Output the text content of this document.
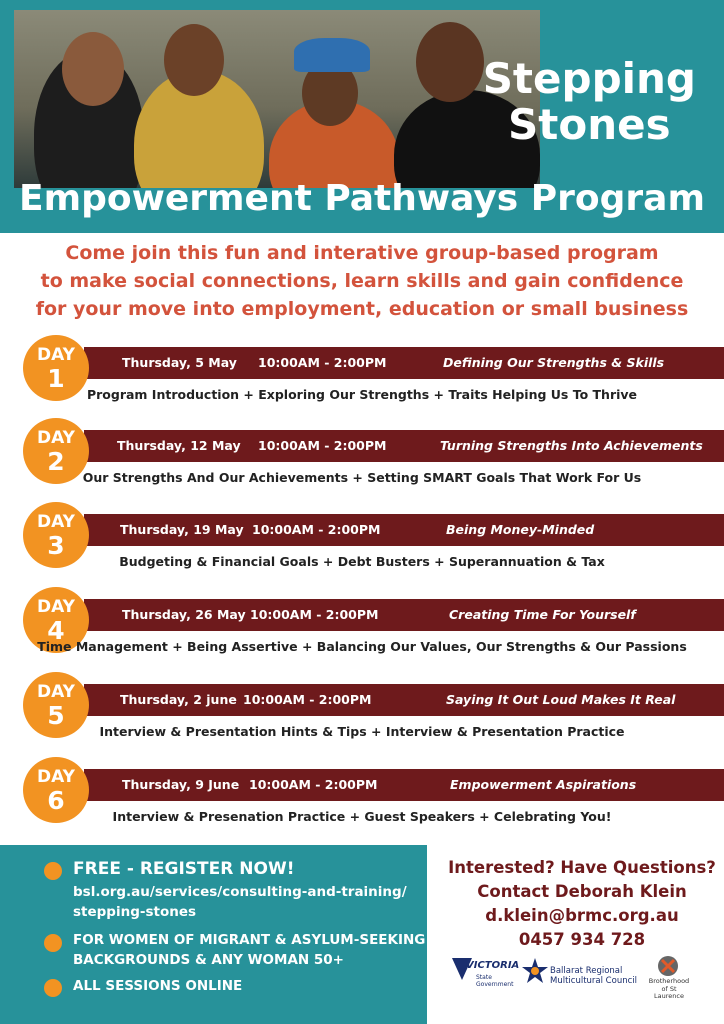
Stepping
Stones
Empowerment Pathways Program
Come join this fun and interative group-based program
to make social connections, learn skills and gain confidence
for your move into employment, education or small business
Thursday, 5 May 10:00AM - 2:00PM	Defining Our Strengths & Skills
DAY
1
Program Introduction + Exploring Our Strengths + Traits Helping Us To Thrive
Thursday, 12 May 10:00AM - 2:00PM	Turning Strengths Into Achievements
DAY
2
Our Strengths And Our Achievements + Setting SMART Goals That Work For Us
Thursday, 19 May 10:00AM - 2:00PM	Being Money-Minded
DAY
3
Budgeting & Financial Goals + Debt Busters + Superannuation & Tax
Thursday, 26 May 10:00AM - 2:00PM	Creating Time For Yourself
DAY
4
Time Management + Being Assertive + Balancing Our Values, Our Strengths & Our Passions
Thursday, 2 june 10:00AM - 2:00PM	Saying It Out Loud Makes It Real
DAY
5
Interview & Presentation Hints & Tips + Interview & Presentation Practice
Thursday, 9 June 10:00AM - 2:00PM	Empowerment Aspirations
DAY
6
Interview & Presenation Practice + Guest Speakers + Celebrating You!
FREE - REGISTER NOW!
bsl.org.au/services/consulting-and-training/
stepping-stones
FOR WOMEN OF MIGRANT & ASYLUM-SEEKING
BACKGROUNDS & ANY WOMAN 50+
ALL SESSIONS ONLINE
Interested? Have Questions?
Contact Deborah Klein
d.klein@brmc.org.au
0457 934 728
VICTORIA
State
Government
Ballarat Regional
Multicultural Council	Brotherhood
of St Laurence
